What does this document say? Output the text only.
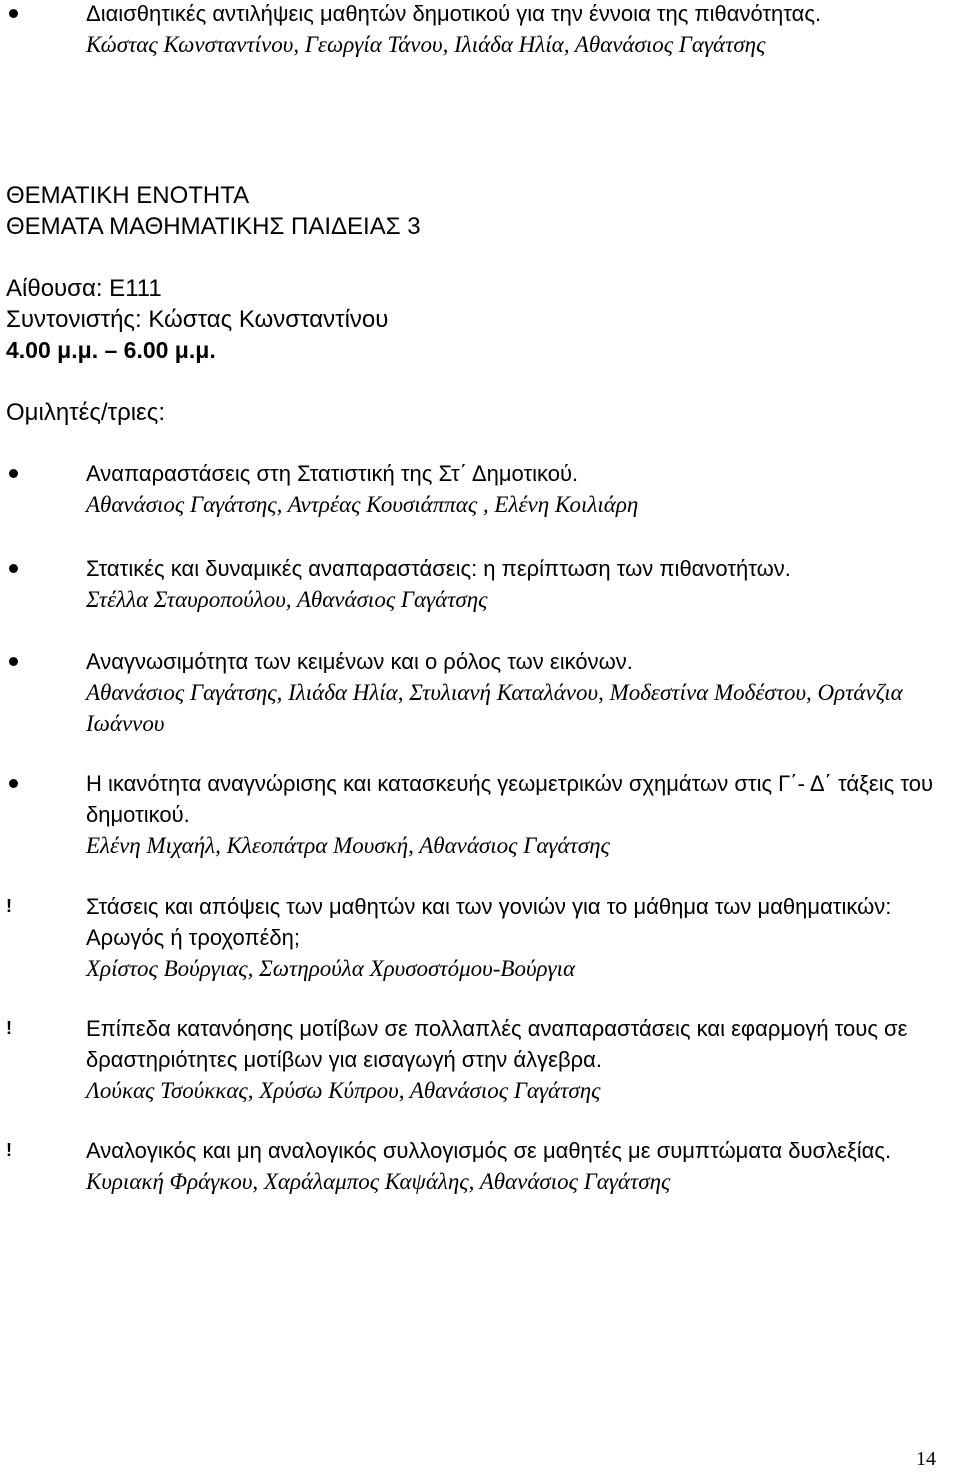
Διαισθητικές αντιλήψεις μαθητών δημοτικού για την έννοια της πιθανότητας.
Κώστας Κωνσταντίνου, Γεωργία Τάνου, Ιλιάδα Ηλία, Αθανάσιος Γαγάτσης
ΘΕΜΑΤΙΚΗ ΕΝΟΤΗΤΑ
ΘΕΜΑΤΑ ΜΑΘΗΜΑΤΙΚΗΣ ΠΑΙΔΕΙΑΣ 3
Αίθουσα: Ε111
Συντονιστής: Κώστας Κωνσταντίνου
4.00 μ.μ. – 6.00 μ.μ.
Ομιλητές/τριες:
Αναπαραστάσεις στη Στατιστική της Στ΄ Δημοτικού.
Αθανάσιος Γαγάτσης, Αντρέας Κουσιάππας , Ελένη Κοιλιάρη
Στατικές και δυναμικές αναπαραστάσεις: η περίπτωση των πιθανοτήτων.
Στέλλα Σταυροπούλου, Αθανάσιος Γαγάτσης
Αναγνωσιμότητα των κειμένων και ο ρόλος των εικόνων.
Αθανάσιος Γαγάτσης, Ιλιάδα Ηλία, Στυλιανή Καταλάνου, Μοδεστίνα Μοδέστου, Ορτάνζια Ιωάννου
Η ικανότητα αναγνώρισης και κατασκευής γεωμετρικών σχημάτων στις Γ΄- Δ΄ τάξεις του δημοτικού.
Ελένη Μιχαήλ, Κλεοπάτρα Μουσκή, Αθανάσιος Γαγάτσης
!	Στάσεις και απόψεις των μαθητών και των γονιών για το μάθημα των μαθηματικών: Αρωγός ή τροχοπέδη;
Χρίστος Βούργιας, Σωτηρούλα Χρυσοστόμου-Βούργια
!	Επίπεδα κατανόησης μοτίβων σε πολλαπλές αναπαραστάσεις και εφαρμογή τους σε δραστηριότητες μοτίβων για εισαγωγή στην άλγεβρα.
Λούκας Τσούκκας, Χρύσω Κύπρου, Αθανάσιος Γαγάτσης
!	Αναλογικός και μη αναλογικός συλλογισμός σε μαθητές με συμπτώματα δυσλεξίας.
Κυριακή Φράγκου, Χαράλαμπος Καψάλης, Αθανάσιος Γαγάτσης
14
